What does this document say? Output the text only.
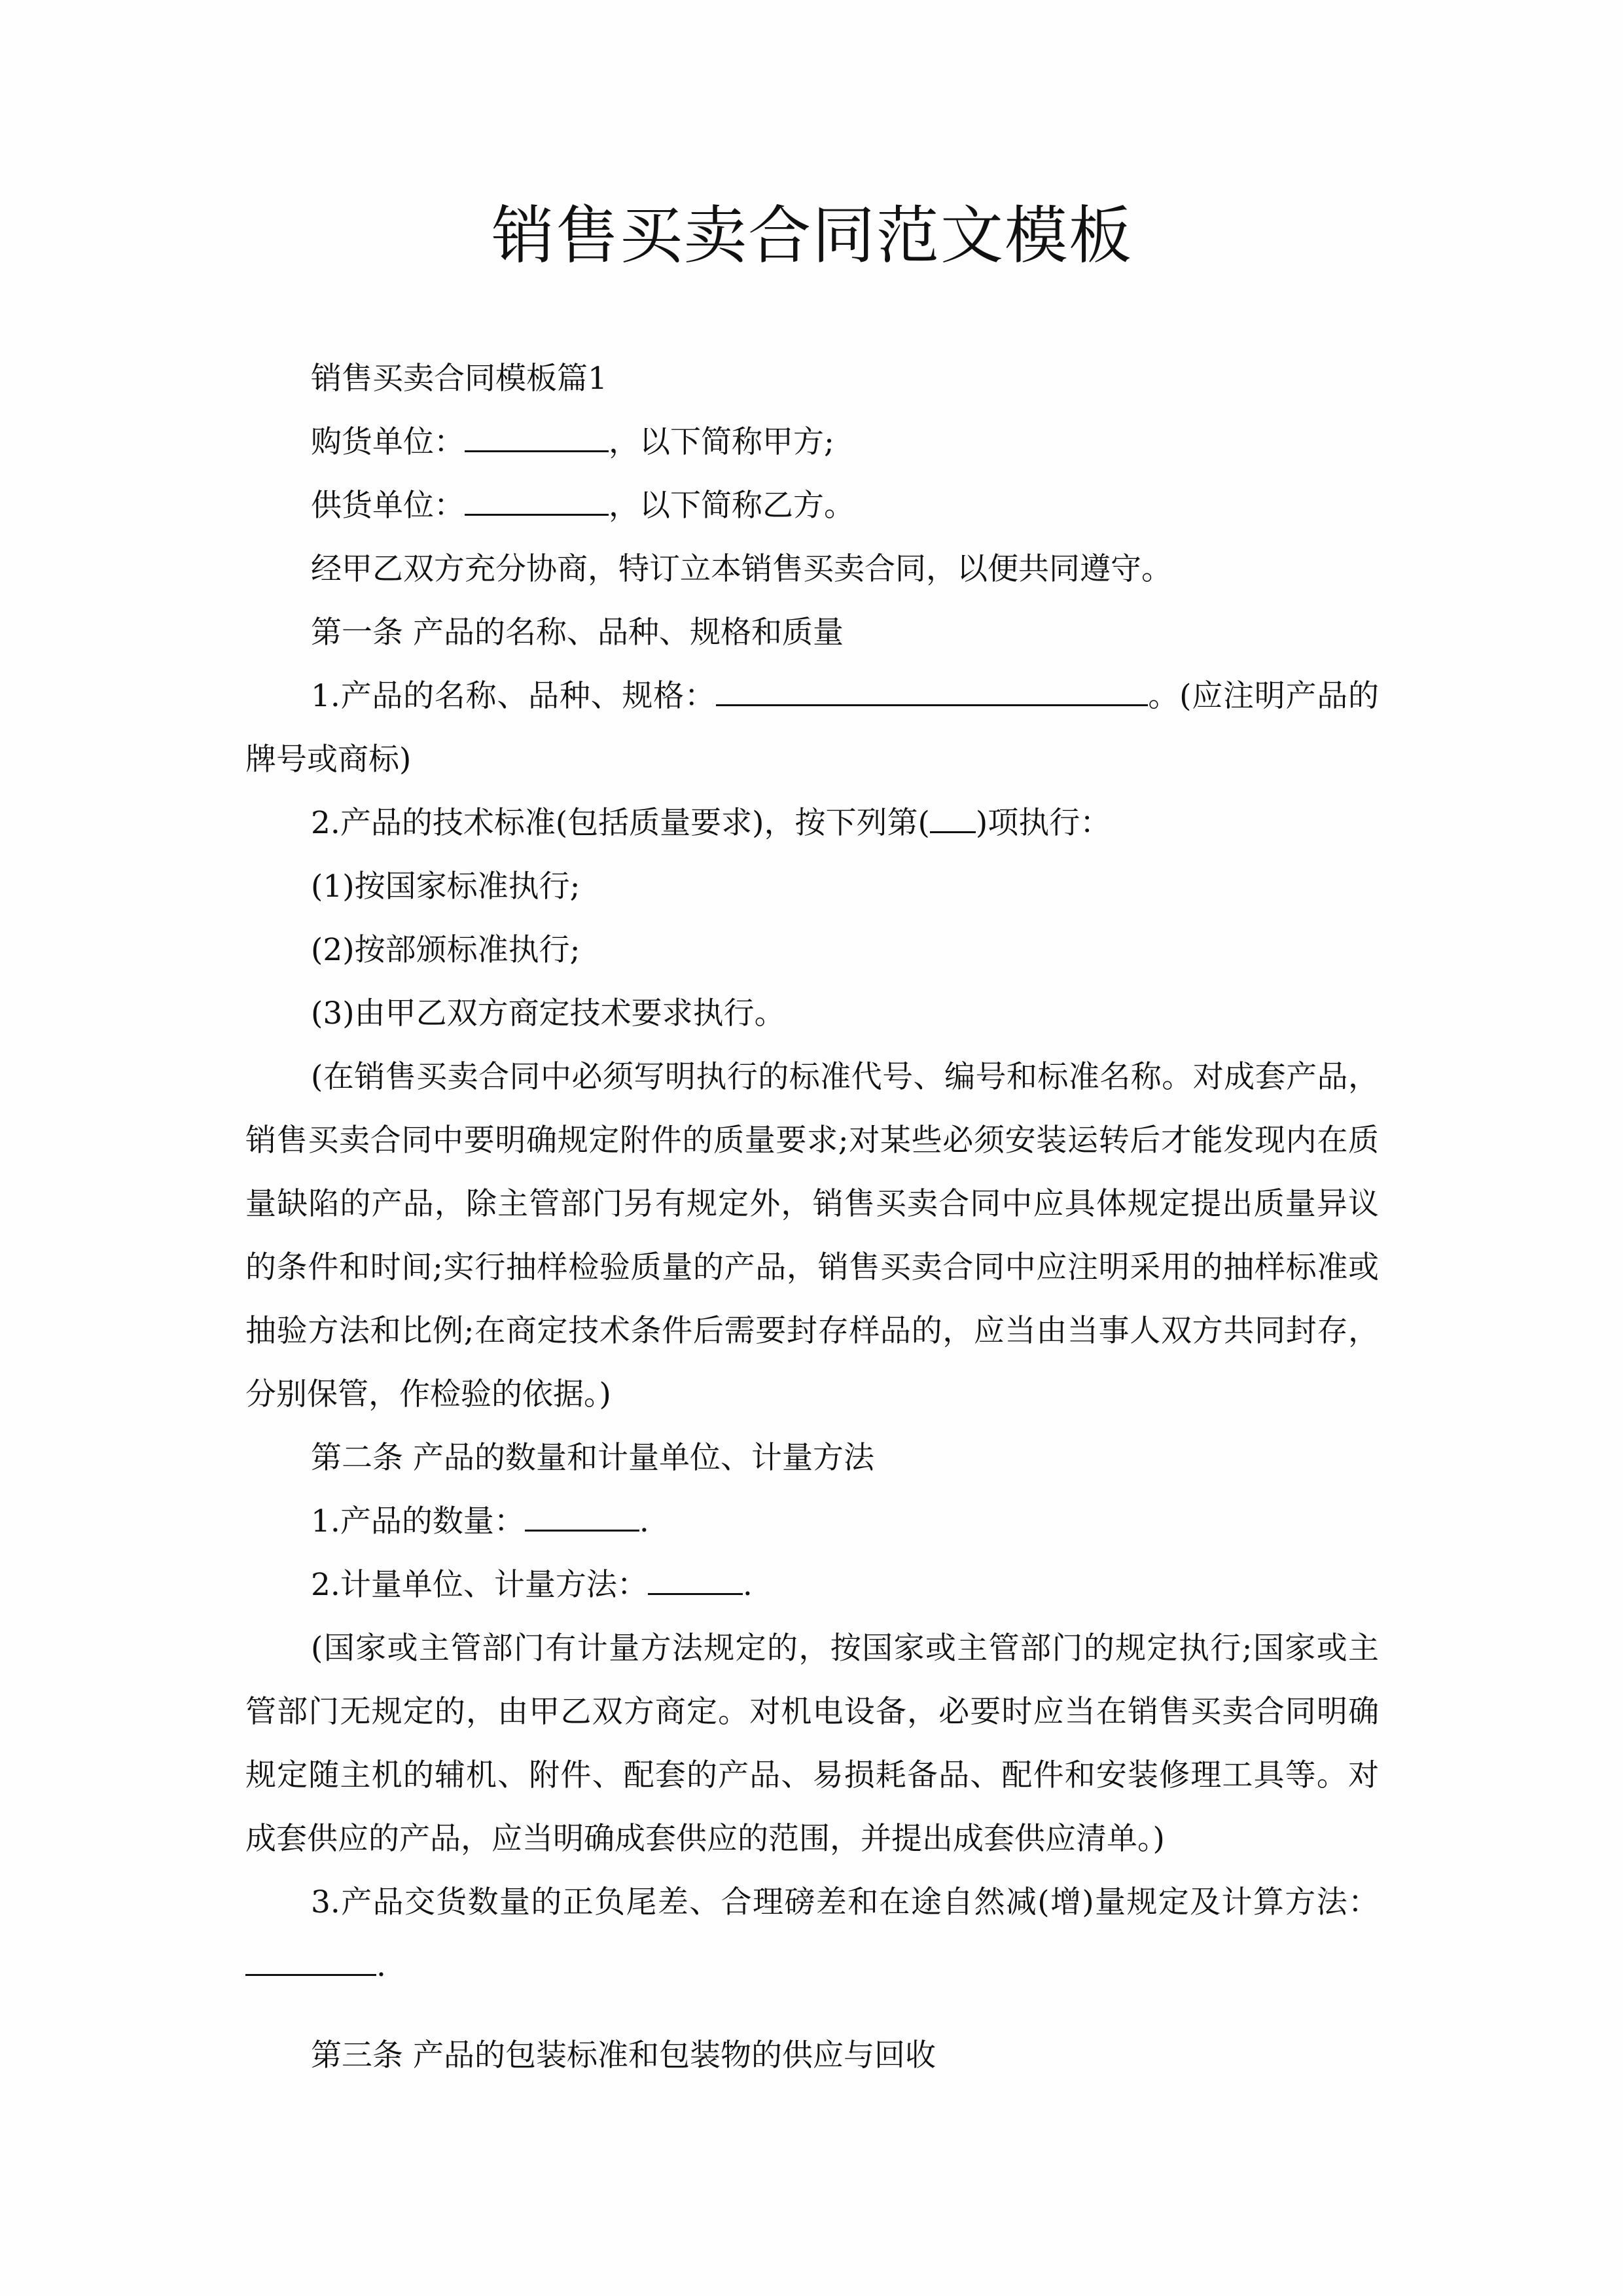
销售买卖合同范文模板

销售买卖合同模板篇1

购货单位：	，以下简称甲方;

供货单位：	，以下简称乙方。

经甲乙双方充分协商，特订立本销售买卖合同，以便共同遵守。

第一条 产品的名称、品种、规格和质量

1.产品的名称、品种、规格：	。(应注明产品的牌号或商标)

2.产品的技术标准(包括质量要求)，按下列第( )项执行：

(1)按国家标准执行;

(2)按部颁标准执行;

(3)由甲乙双方商定技术要求执行。

(在销售买卖合同中必须写明执行的标准代号、编号和标准名称。对成套产品，销售买卖合同中要明确规定附件的质量要求;对某些必须安装运转后才能发现内在质量缺陷的产品，除主管部门另有规定外，销售买卖合同中应具体规定提出质量异议的条件和时间;实行抽样检验质量的产品，销售买卖合同中应注明采用的抽样标准或抽验方法和比例;在商定技术条件后需要封存样品的，应当由当事人双方共同封存，分别保管，作检验的依据。)

第二条 产品的数量和计量单位、计量方法

1.产品的数量：	.

2.计量单位、计量方法：	.

(国家或主管部门有计量方法规定的，按国家或主管部门的规定执行;国家或主管部门无规定的，由甲乙双方商定。对机电设备，必要时应当在销售买卖合同明确规定随主机的辅机、附件、配套的产品、易损耗备品、配件和安装修理工具等。对成套供应的产品，应当明确成套供应的范围，并提出成套供应清单。)

3.产品交货数量的正负尾差、合理磅差和在途自然减(增)量规定及计算方法：.

第三条 产品的包装标准和包装物的供应与回收
